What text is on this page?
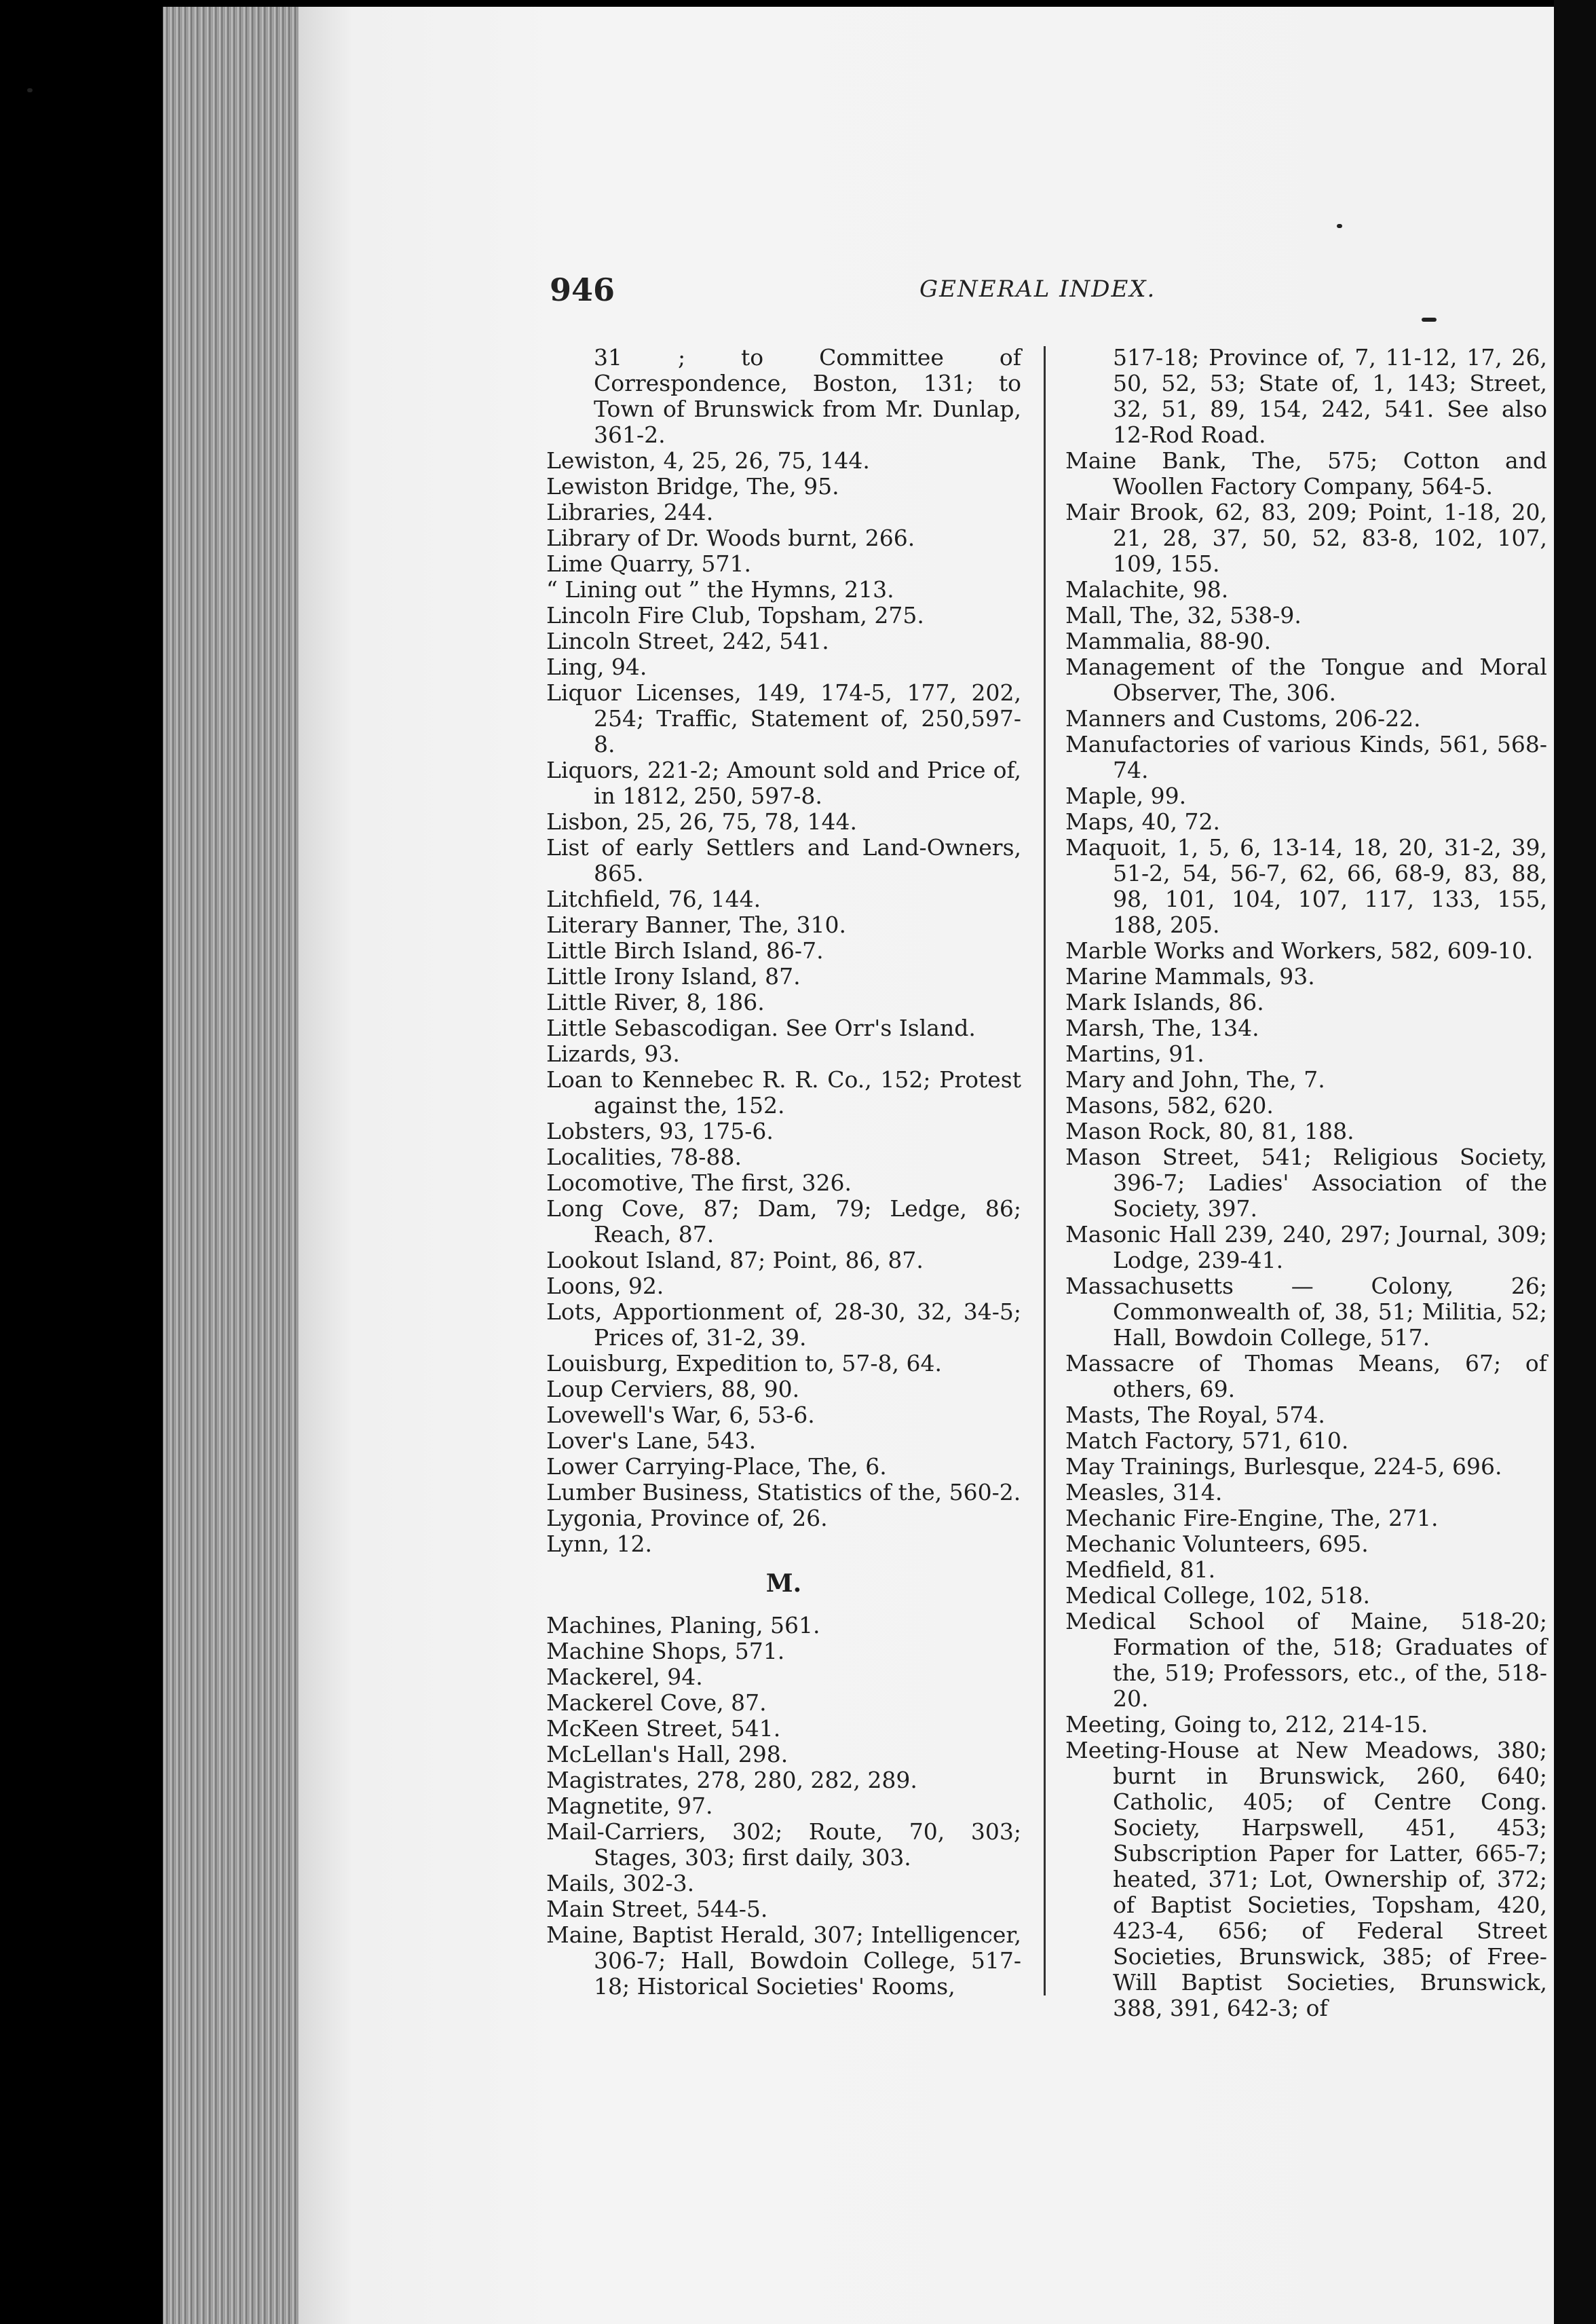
946	GENERAL INDEX.

31 ; to Committee of Correspondence, Boston, 131; to Town of Brunswick from Mr. Dunlap, 361-2.

Lewiston, 4, 25, 26, 75, 144.

Lewiston Bridge, The, 95.

Libraries, 244.

Library of Dr. Woods burnt, 266.

Lime Quarry, 571.

“ Lining out ” the Hymns, 213.

Lincoln Fire Club, Topsham, 275.

Lincoln Street, 242, 541.

Ling, 94.

Liquor Licenses, 149, 174-5, 177, 202, 254; Traffic, Statement of, 250,597-8.

Liquors, 221-2; Amount sold and Price of, in 1812, 250, 597-8.

Lisbon, 25, 26, 75, 78, 144.

List of early Settlers and Land-Owners, 865.

Litchfield, 76, 144.

Literary Banner, The, 310.

Little Birch Island, 86-7.

Little Irony Island, 87.

Little River, 8, 186.

Little Sebascodigan. See Orr's Island.

Lizards, 93.

Loan to Kennebec R. R. Co., 152; Protest against the, 152.

Lobsters, 93, 175-6.

Localities, 78-88.

Locomotive, The first, 326.

Long Cove, 87; Dam, 79; Ledge, 86; Reach, 87.

Lookout Island, 87; Point, 86, 87.

Loons, 92.

Lots, Apportionment of, 28-30, 32, 34-5; Prices of, 31-2, 39.

Louisburg, Expedition to, 57-8, 64.

Loup Cerviers, 88, 90.

Lovewell's War, 6, 53-6.

Lover's Lane, 543.

Lower Carrying-Place, The, 6.

Lumber Business, Statistics of the, 560-2.

Lygonia, Province of, 26.

Lynn, 12.

M.

Machines, Planing, 561.

Machine Shops, 571.

Mackerel, 94.

Mackerel Cove, 87.

McKeen Street, 541.

McLellan's Hall, 298.

Magistrates, 278, 280, 282, 289.

Magnetite, 97.

Mail-Carriers, 302; Route, 70, 303; Stages, 303; first daily, 303.

Mails, 302-3.

Main Street, 544-5.

Maine, Baptist Herald, 307; Intelligencer, 306-7; Hall, Bowdoin College, 517-18; Historical Societies' Rooms,

517-18; Province of, 7, 11-12, 17, 26, 50, 52, 53; State of, 1, 143; Street, 32, 51, 89, 154, 242, 541. See also 12-Rod Road.

Maine Bank, The, 575; Cotton and Woollen Factory Company, 564-5.

Mair Brook, 62, 83, 209; Point, 1-18, 20, 21, 28, 37, 50, 52, 83-8, 102, 107, 109, 155.

Malachite, 98.

Mall, The, 32, 538-9.

Mammalia, 88-90.

Management of the Tongue and Moral Observer, The, 306.

Manners and Customs, 206-22.

Manufactories of various Kinds, 561, 568-74.

Maple, 99.

Maps, 40, 72.

Maquoit, 1, 5, 6, 13-14, 18, 20, 31-2, 39, 51-2, 54, 56-7, 62, 66, 68-9, 83, 88, 98, 101, 104, 107, 117, 133, 155, 188, 205.

Marble Works and Workers, 582, 609-10.

Marine Mammals, 93.

Mark Islands, 86.

Marsh, The, 134.

Martins, 91.

Mary and John, The, 7.

Masons, 582, 620.

Mason Rock, 80, 81, 188.

Mason Street, 541; Religious Society, 396-7; Ladies' Association of the Society, 397.

Masonic Hall 239, 240, 297; Journal, 309; Lodge, 239-41.

Massachusetts — Colony, 26; Commonwealth of, 38, 51; Militia, 52; Hall, Bowdoin College, 517.

Massacre of Thomas Means, 67; of others, 69.

Masts, The Royal, 574.

Match Factory, 571, 610.

May Trainings, Burlesque, 224-5, 696.

Measles, 314.

Mechanic Fire-Engine, The, 271.

Mechanic Volunteers, 695.

Medfield, 81.

Medical College, 102, 518.

Medical School of Maine, 518-20; Formation of the, 518; Graduates of the, 519; Professors, etc., of the, 518-20.

Meeting, Going to, 212, 214-15.

Meeting-House at New Meadows, 380; burnt in Brunswick, 260, 640; Catholic, 405; of Centre Cong. Society, Harpswell, 451, 453; Subscription Paper for Latter, 665-7; heated, 371; Lot, Ownership of, 372; of Baptist Societies, Topsham, 420, 423-4, 656; of Federal Street Societies, Brunswick, 385; of Free-Will Baptist Societies, Brunswick, 388, 391, 642-3; of
